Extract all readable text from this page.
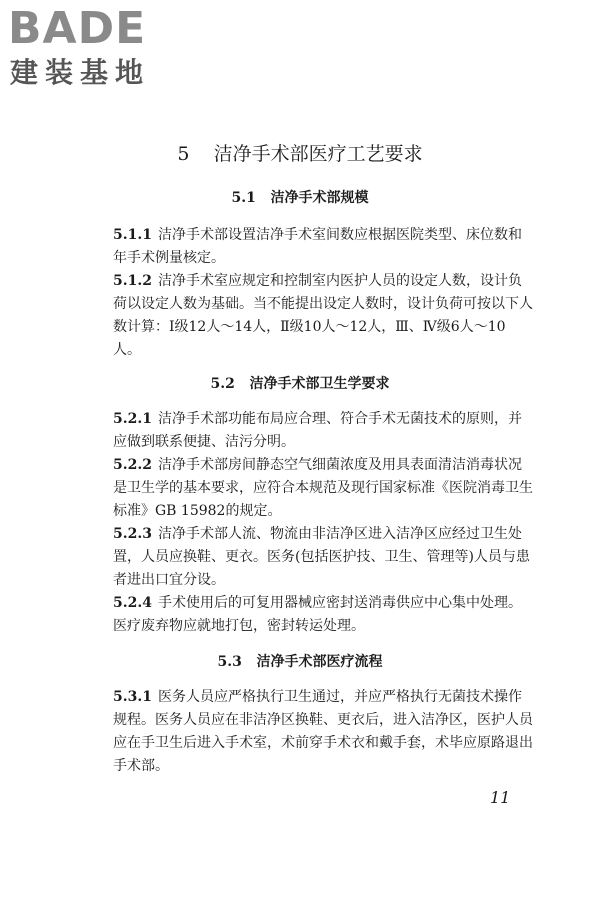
BADE
建装基地
5 洁净手术部医疗工艺要求
5.1 洁净手术部规模
5.1.1 洁净手术部设置洁净手术室间数应根据医院类型、床位数和年手术例量核定。
5.1.2 洁净手术室应规定和控制室内医护人员的设定人数，设计负荷以设定人数为基础。当不能提出设定人数时，设计负荷可按以下人数计算：Ⅰ级12人～14人，Ⅱ级10人～12人，Ⅲ、Ⅳ级6人～10人。
5.2 洁净手术部卫生学要求
5.2.1 洁净手术部功能布局应合理、符合手术无菌技术的原则，并应做到联系便捷、洁污分明。
5.2.2 洁净手术部房间静态空气细菌浓度及用具表面清洁消毒状况是卫生学的基本要求，应符合本规范及现行国家标准《医院消毒卫生标准》GB 15982的规定。
5.2.3 洁净手术部人流、物流由非洁净区进入洁净区应经过卫生处置，人员应换鞋、更衣。医务(包括医护技、卫生、管理等)人员与患者进出口宜分设。
5.2.4 手术使用后的可复用器械应密封送消毒供应中心集中处理。医疗废弃物应就地打包，密封转运处理。
5.3 洁净手术部医疗流程
5.3.1 医务人员应严格执行卫生通过，并应严格执行无菌技术操作规程。医务人员应在非洁净区换鞋、更衣后，进入洁净区，医护人员应在手卫生后进入手术室，术前穿手术衣和戴手套，术毕应原路退出手术部。
11
